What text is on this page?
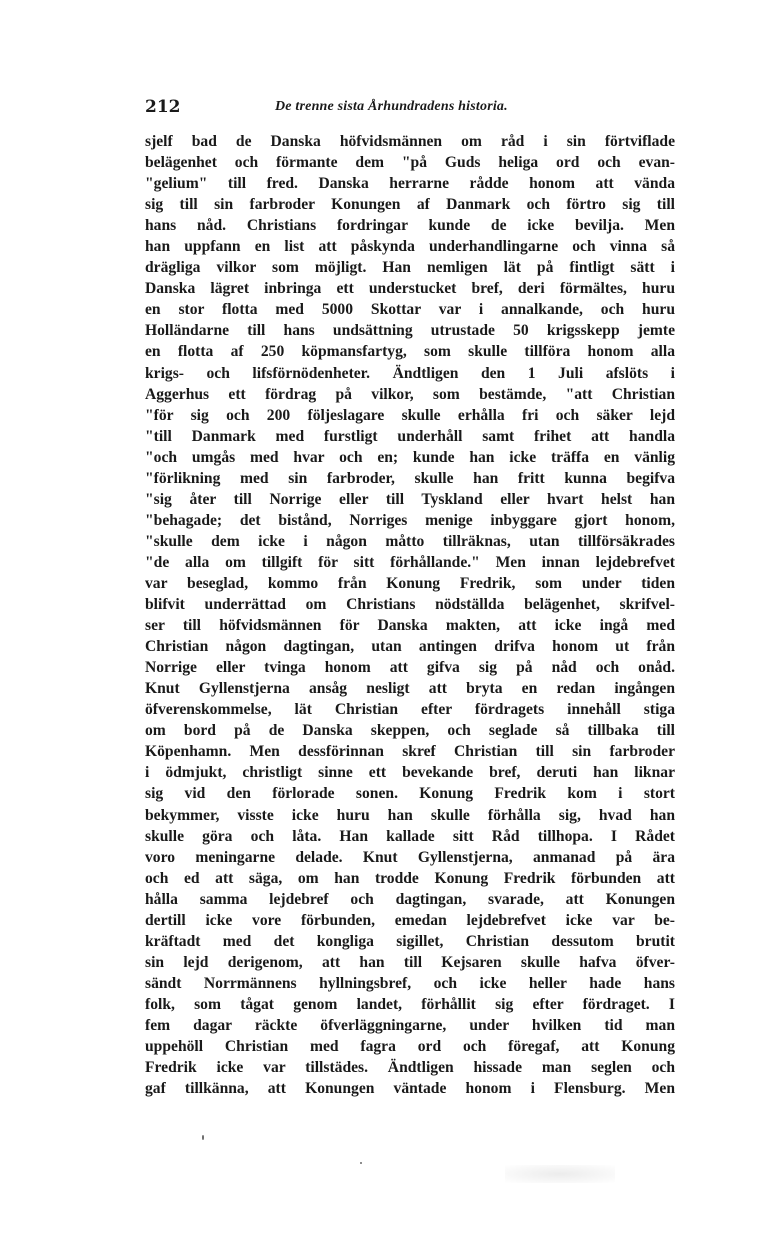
212	De trenne sista Århundradens historia.
sjelf bad de Danska höfvidsmännen om råd i sin förtviflade
belägenhet och förmante dem "på Guds heliga ord och evan-
"gelium" till fred. Danska herrarne rådde honom att vända
sig till sin farbroder Konungen af Danmark och förtro sig till
hans nåd. Christians fordringar kunde de icke bevilja. Men
han uppfann en list att påskynda underhandlingarne och vinna så
drägliga vilkor som möjligt. Han nemligen lät på fintligt sätt i
Danska lägret inbringa ett understucket bref, deri förmältes, huru
en stor flotta med 5000 Skottar var i annalkande, och huru
Holländarne till hans undsättning utrustade 50 krigsskepp jemte
en flotta af 250 köpmansfartyg, som skulle tillföra honom alla
krigs- och lifsförnödenheter. Ändtligen den 1 Juli afslöts i
Aggerhus ett fördrag på vilkor, som bestämde, "att Christian
"för sig och 200 följeslagare skulle erhålla fri och säker lejd
"till Danmark med furstligt underhåll samt frihet att handla
"och umgås med hvar och en; kunde han icke träffa en vänlig
"förlikning med sin farbroder, skulle han fritt kunna begifva
"sig åter till Norrige eller till Tyskland eller hvart helst han
"behagade; det bistånd, Norriges menige inbyggare gjort honom,
"skulle dem icke i någon måtto tillräknas, utan tillförsäkrades
"de alla om tillgift för sitt förhållande." Men innan lejdebrefvet
var beseglad, kommo från Konung Fredrik, som under tiden
blifvit underrättad om Christians nödställda belägenhet, skrifvel-
ser till höfvidsmännen för Danska makten, att icke ingå med
Christian någon dagtingan, utan antingen drifva honom ut från
Norrige eller tvinga honom att gifva sig på nåd och onåd.
Knut Gyllenstjerna ansåg nesligt att bryta en redan ingången
öfverenskommelse, lät Christian efter fördragets innehåll stiga
om bord på de Danska skeppen, och seglade så tillbaka till
Köpenhamn. Men dessförinnan skref Christian till sin farbroder
i ödmjukt, christligt sinne ett bevekande bref, deruti han liknar
sig vid den förlorade sonen. Konung Fredrik kom i stort
bekymmer, visste icke huru han skulle förhålla sig, hvad han
skulle göra och låta. Han kallade sitt Råd tillhopa. I Rådet
voro meningarne delade. Knut Gyllenstjerna, anmanad på ära
och ed att säga, om han trodde Konung Fredrik förbunden att
hålla samma lejdebref och dagtingan, svarade, att Konungen
dertill icke vore förbunden, emedan lejdebrefvet icke var be-
kräftadt med det kongliga sigillet, Christian dessutom brutit
sin lejd derigenom, att han till Kejsaren skulle hafva öfver-
sändt Norrmännens hyllningsbref, och icke heller hade hans
folk, som tågat genom landet, förhållit sig efter fördraget. I
fem dagar räckte öfverläggningarne, under hvilken tid man
uppehöll Christian med fagra ord och föregaf, att Konung
Fredrik icke var tillstädes. Ändtligen hissade man seglen och
gaf tillkänna, att Konungen väntade honom i Flensburg. Men
